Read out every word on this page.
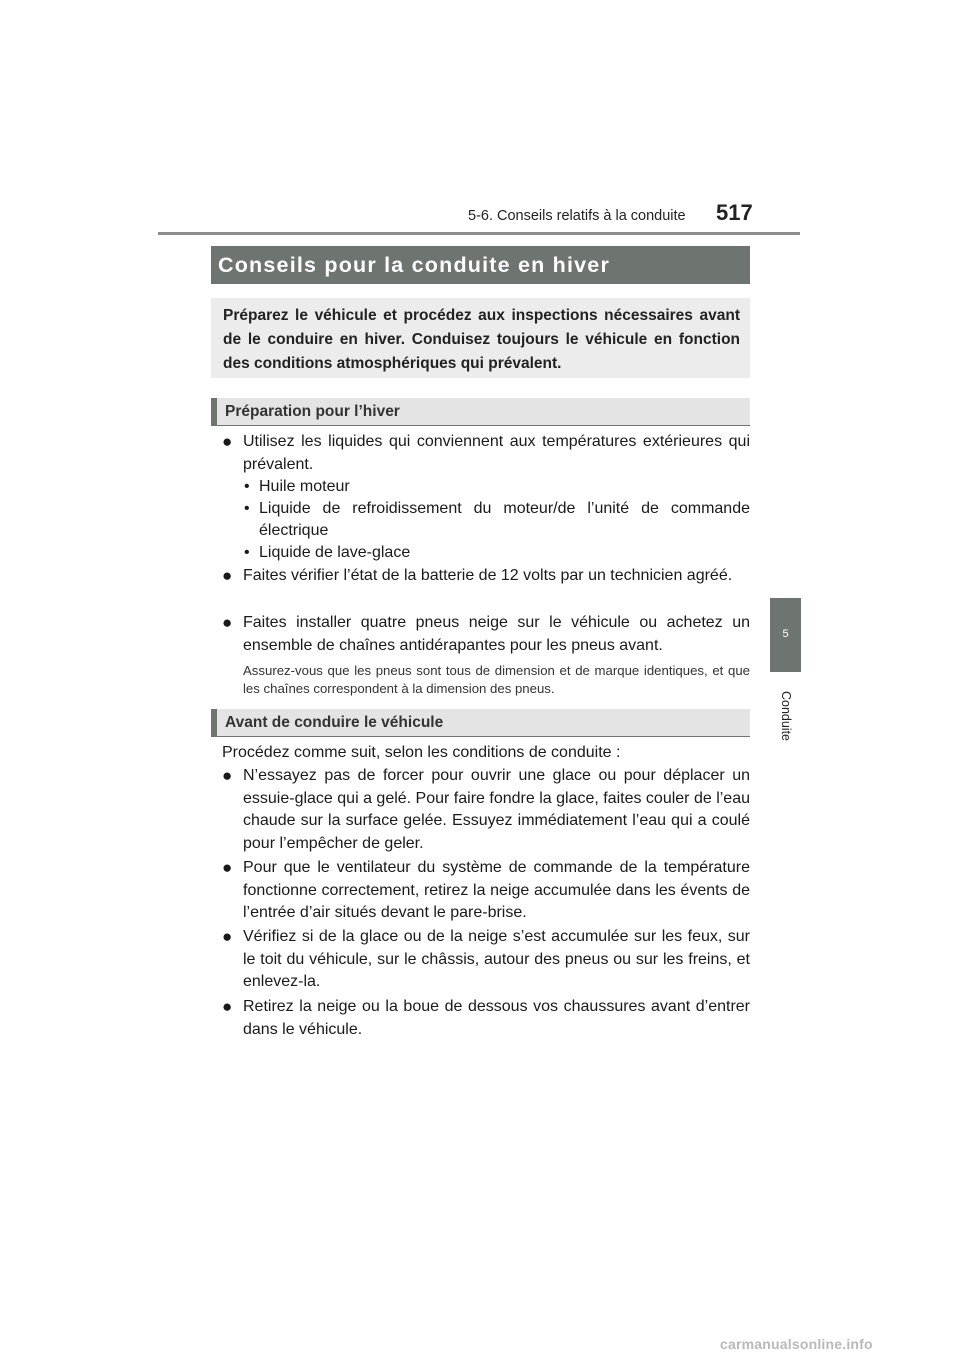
5-6. Conseils relatifs à la conduite 517
5
Conduite
Conseils pour la conduite en hiver
Préparez le véhicule et procédez aux inspections nécessaires avant de le conduire en hiver. Conduisez toujours le véhicule en fonction des conditions atmosphériques qui prévalent.
Préparation pour l’hiver
● Utilisez les liquides qui conviennent aux températures extérieures qui prévalent.
• Huile moteur
• Liquide de refroidissement du moteur/de l’unité de commande électrique
• Liquide de lave-glace
● Faites vérifier l’état de la batterie de 12 volts par un technicien agréé.
● Faites installer quatre pneus neige sur le véhicule ou achetez un ensemble de chaînes antidérapantes pour les pneus avant.
Assurez-vous que les pneus sont tous de dimension et de marque identiques, et que les chaînes correspondent à la dimension des pneus.
Avant de conduire le véhicule
Procédez comme suit, selon les conditions de conduite :
● N’essayez pas de forcer pour ouvrir une glace ou pour déplacer un essuie-glace qui a gelé. Pour faire fondre la glace, faites couler de l’eau chaude sur la surface gelée. Essuyez immédiatement l’eau qui a coulé pour l’empêcher de geler.
● Pour que le ventilateur du système de commande de la température fonctionne correctement, retirez la neige accumulée dans les évents de l’entrée d’air situés devant le pare-brise.
● Vérifiez si de la glace ou de la neige s’est accumulée sur les feux, sur le toit du véhicule, sur le châssis, autour des pneus ou sur les freins, et enlevez-la.
● Retirez la neige ou la boue de dessous vos chaussures avant d’entrer dans le véhicule.
carmanualsonline.info
